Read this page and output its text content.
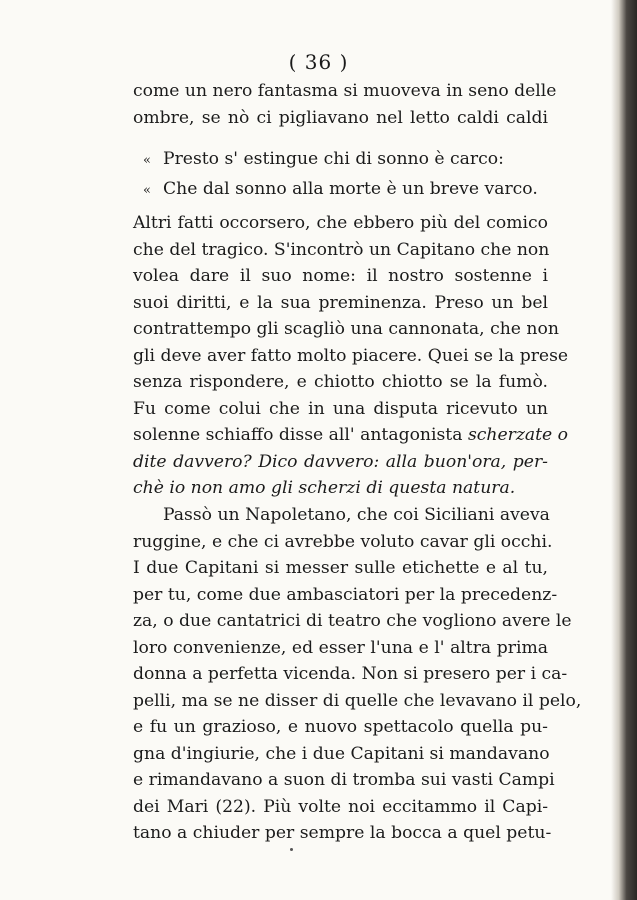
( 36 )
come un nero fantasma si muoveva in seno delle
ombre, se nò ci pigliavano nel letto caldi caldi
« Presto s' estingue chi di sonno è carco:
« Che dal sonno alla morte è un breve varco.
Altri fatti occorsero, che ebbero più del comico
che del tragico. S'incontrò un Capitano che non
volea dare il suo nome: il nostro sostenne i
suoi diritti, e la sua preminenza. Preso un bel
contrattempo gli scagliò una cannonata, che non
gli deve aver fatto molto piacere. Quei se la prese
senza rispondere, e chiotto chiotto se la fumò.
Fu come colui che in una disputa ricevuto un
solenne schiaffo disse all' antagonista scherzate o
dite davvero? Dico davvero: alla buon'ora, per-
chè io non amo gli scherzi di questa natura.
Passò un Napoletano, che coi Siciliani aveva
ruggine, e che ci avrebbe voluto cavar gli occhi.
I due Capitani si messer sulle etichette e al tu,
per tu, come due ambasciatori per la precedenz-
za, o due cantatrici di teatro che vogliono avere le
loro convenienze, ed esser l'una e l' altra prima
donna a perfetta vicenda. Non si presero per i ca-
pelli, ma se ne disser di quelle che levavano il pelo,
e fu un grazioso, e nuovo spettacolo quella pu-
gna d'ingiurie, che i due Capitani si mandavano
e rimandavano a suon di tromba sui vasti Campi
dei Mari (22). Più volte noi eccitammo il Capi-
tano a chiuder per sempre la bocca a quel petu-
